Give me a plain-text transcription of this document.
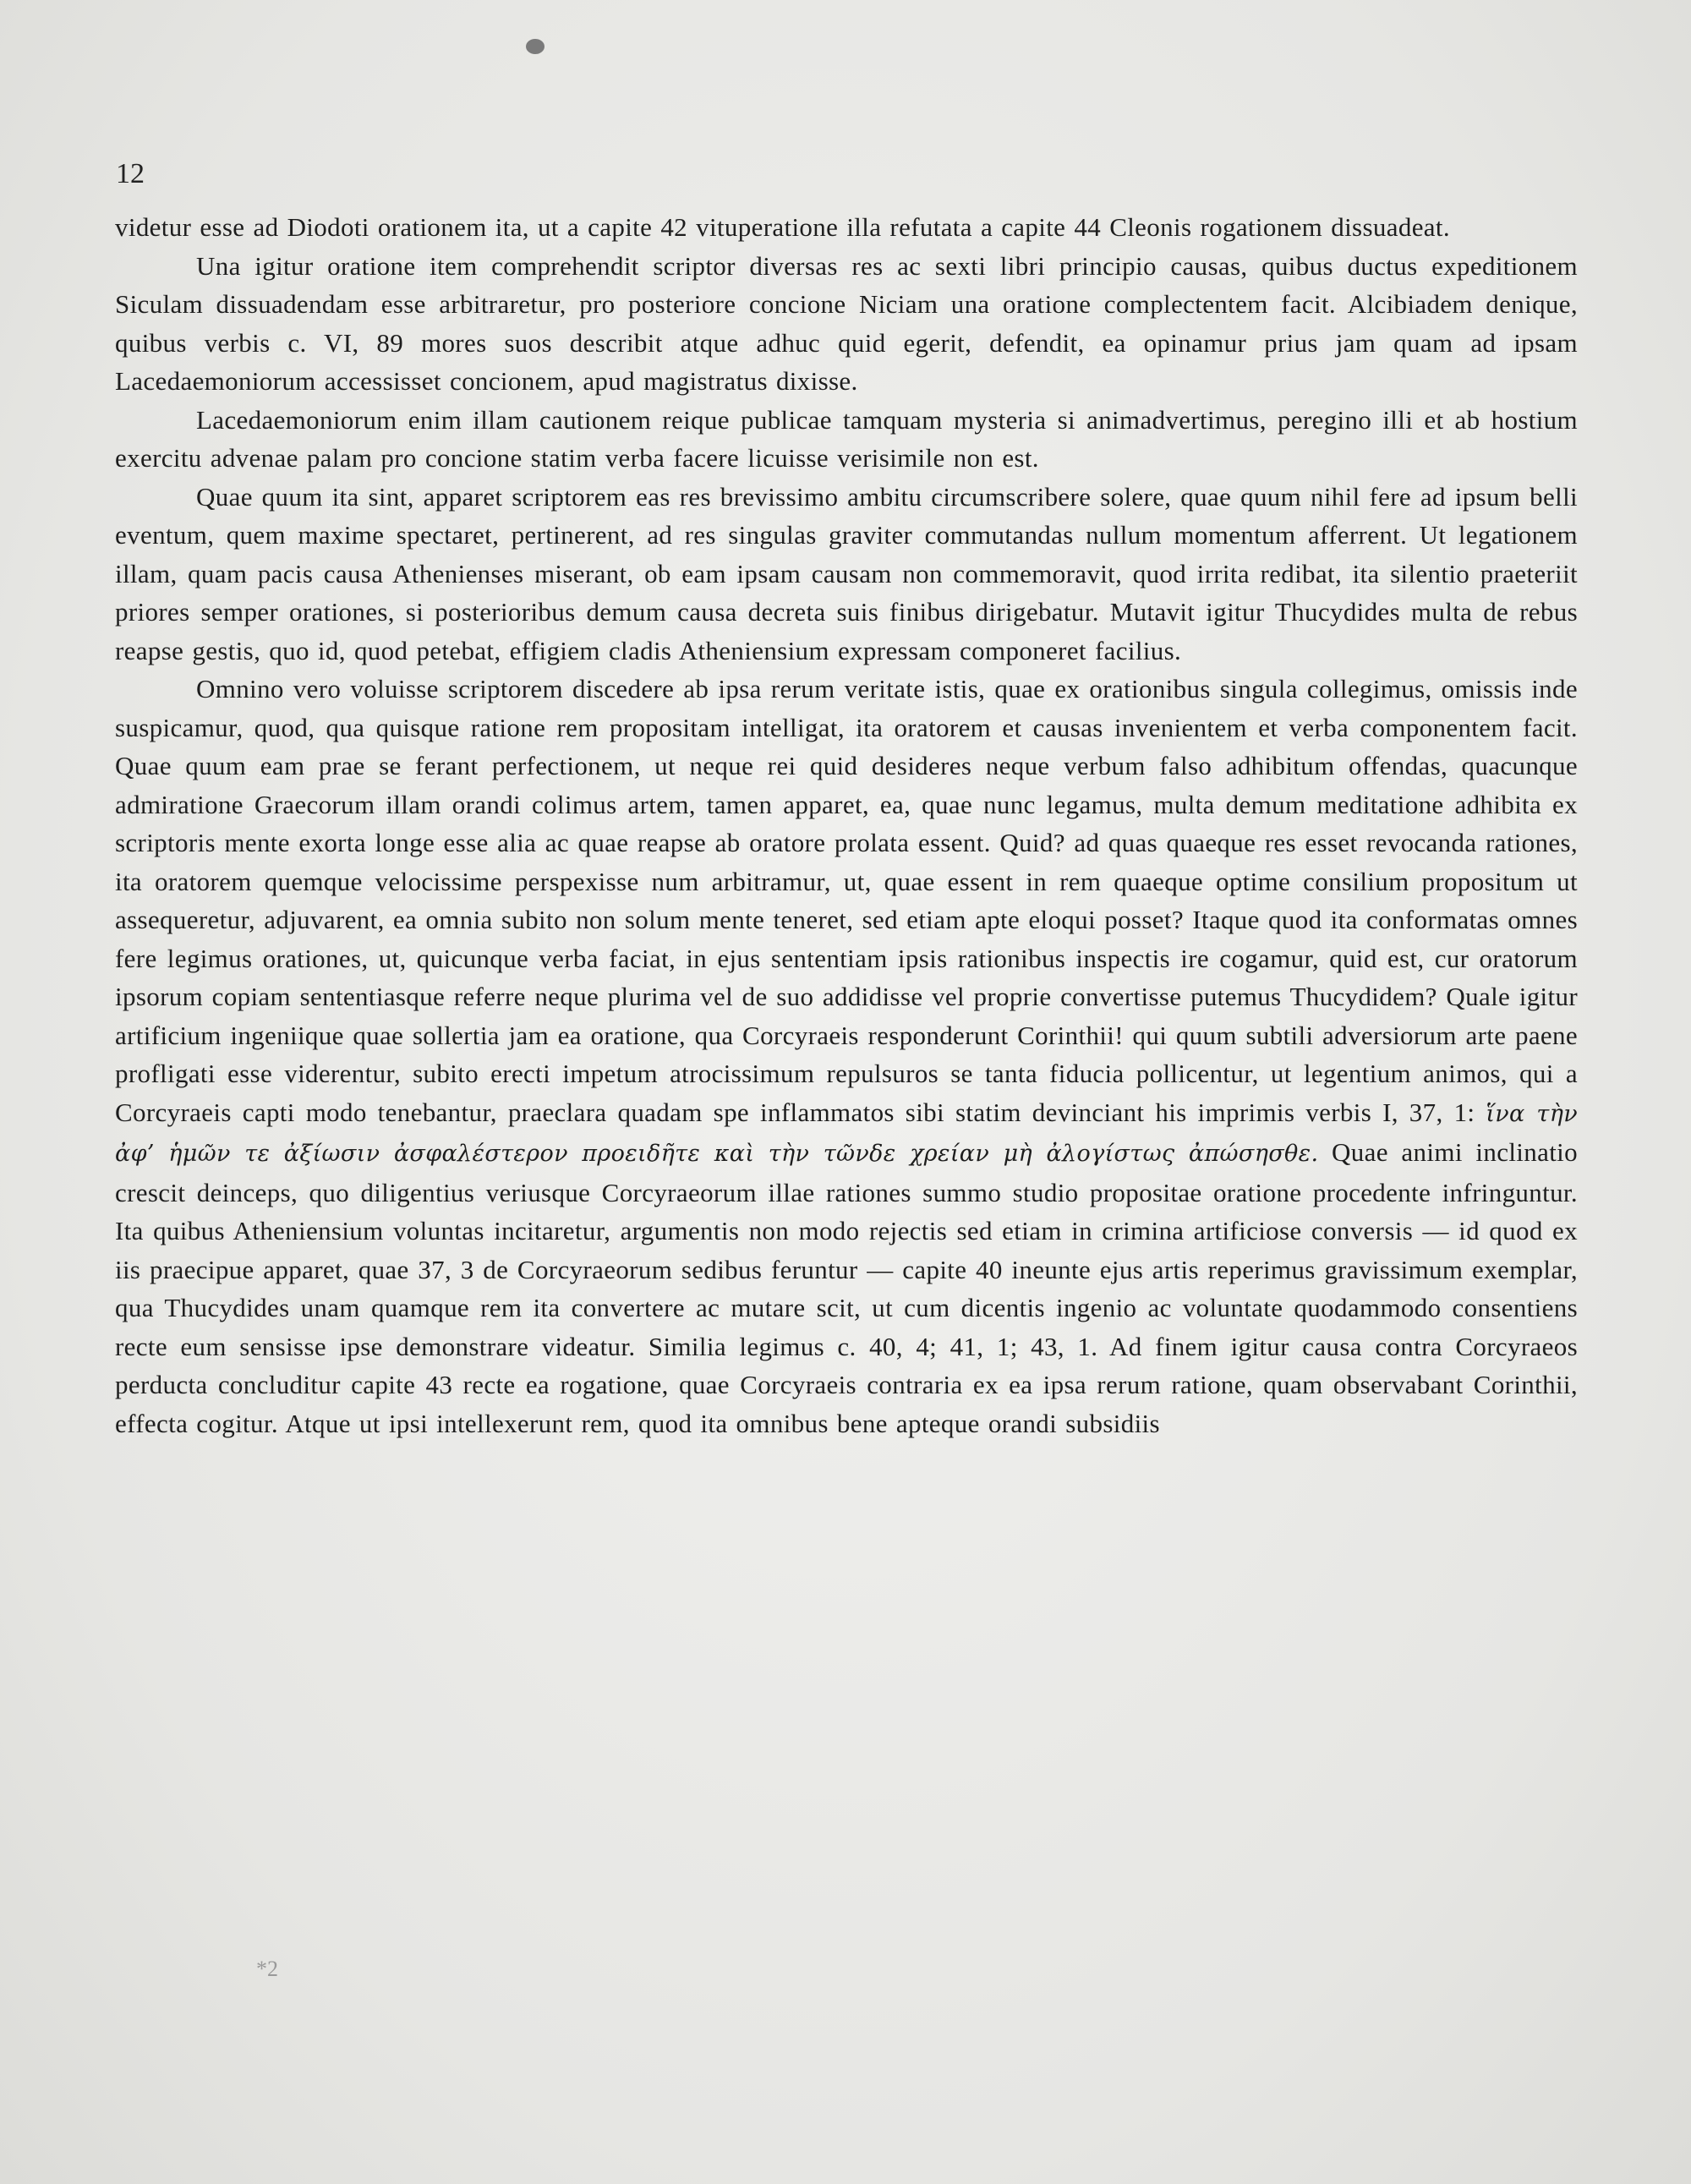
12

videtur esse ad Diodoti orationem ita, ut a capite 42 vituperatione illa refutata a capite 44 Cleonis rogationem dissuadeat.

Una igitur oratione item comprehendit scriptor diversas res ac sexti libri principio causas, quibus ductus expeditionem Siculam dissuadendam esse arbitraretur, pro posteriore concione Niciam una oratione complectentem facit. Alcibiadem denique, quibus verbis c. VI, 89 mores suos describit atque adhuc quid egerit, defendit, ea opinamur prius jam quam ad ipsam Lacedaemoniorum accessisset concionem, apud magistratus dixisse.

Lacedaemoniorum enim illam cautionem reique publicae tamquam mysteria si animadvertimus, peregino illi et ab hostium exercitu advenae palam pro concione statim verba facere licuisse verisimile non est.

Quae quum ita sint, apparet scriptorem eas res brevissimo ambitu circumscribere solere, quae quum nihil fere ad ipsum belli eventum, quem maxime spectaret, pertinerent, ad res singulas graviter commutandas nullum momentum afferrent. Ut legationem illam, quam pacis causa Athenienses miserant, ob eam ipsam causam non commemoravit, quod irrita redibat, ita silentio praeteriit priores semper orationes, si posterioribus demum causa decreta suis finibus dirigebatur. Mutavit igitur Thucydides multa de rebus reapse gestis, quo id, quod petebat, effigiem cladis Atheniensium expressam componeret facilius.

Omnino vero voluisse scriptorem discedere ab ipsa rerum veritate istis, quae ex orationibus singula collegimus, omissis inde suspicamur, quod, qua quisque ratione rem propositam intelligat, ita oratorem et causas invenientem et verba componentem facit. Quae quum eam prae se ferant perfectionem, ut neque rei quid desideres neque verbum falso adhibitum offendas, quacunque admiratione Graecorum illam orandi colimus artem, tamen apparet, ea, quae nunc legamus, multa demum meditatione adhibita ex scriptoris mente exorta longe esse alia ac quae reapse ab oratore prolata essent. Quid? ad quas quaeque res esset revocanda rationes, ita oratorem quemque velocissime perspexisse num arbitramur, ut, quae essent in rem quaeque optime consilium propositum ut assequeretur, adjuvarent, ea omnia subito non solum mente teneret, sed etiam apte eloqui posset? Itaque quod ita conformatas omnes fere legimus orationes, ut, quicunque verba faciat, in ejus sententiam ipsis rationibus inspectis ire cogamur, quid est, cur oratorum ipsorum copiam sententiasque referre neque plurima vel de suo addidisse vel proprie convertisse putemus Thucydidem? Quale igitur artificium ingeniique quae sollertia jam ea oratione, qua Corcyraeis responderunt Corinthii! qui quum subtili adversiorum arte paene profligati esse viderentur, subito erecti impetum atrocissimum repulsuros se tanta fiducia pollicentur, ut legentium animos, qui a Corcyraeis capti modo tenebantur, praeclara quadam spe inflammatos sibi statim devinciant his imprimis verbis I, 37, 1: ἵνα τὴν ἀφ’ ἡμῶν τε ἀξίωσιν ἀσφαλέστερον προειδῆτε καὶ τὴν τῶνδε χρείαν μὴ ἀλογίστως ἀπώσησθε. Quae animi inclinatio crescit deinceps, quo diligentius veriusque Corcyraeorum illae rationes summo studio propositae oratione procedente infringuntur. Ita quibus Atheniensium voluntas incitaretur, argumentis non modo rejectis sed etiam in crimina artificiose conversis — id quod ex iis praecipue apparet, quae 37, 3 de Corcyraeorum sedibus feruntur — capite 40 ineunte ejus artis reperimus gravissimum exemplar, qua Thucydides unam quamque rem ita convertere ac mutare scit, ut cum dicentis ingenio ac voluntate quodammodo consentiens recte eum sensisse ipse demonstrare videatur. Similia legimus c. 40, 4; 41, 1; 43, 1. Ad finem igitur causa contra Corcyraeos perducta concluditur capite 43 recte ea rogatione, quae Corcyraeis contraria ex ea ipsa rerum ratione, quam observabant Corinthii, effecta cogitur. Atque ut ipsi intellexerunt rem, quod ita omnibus bene apteque orandi subsidiis

*2
